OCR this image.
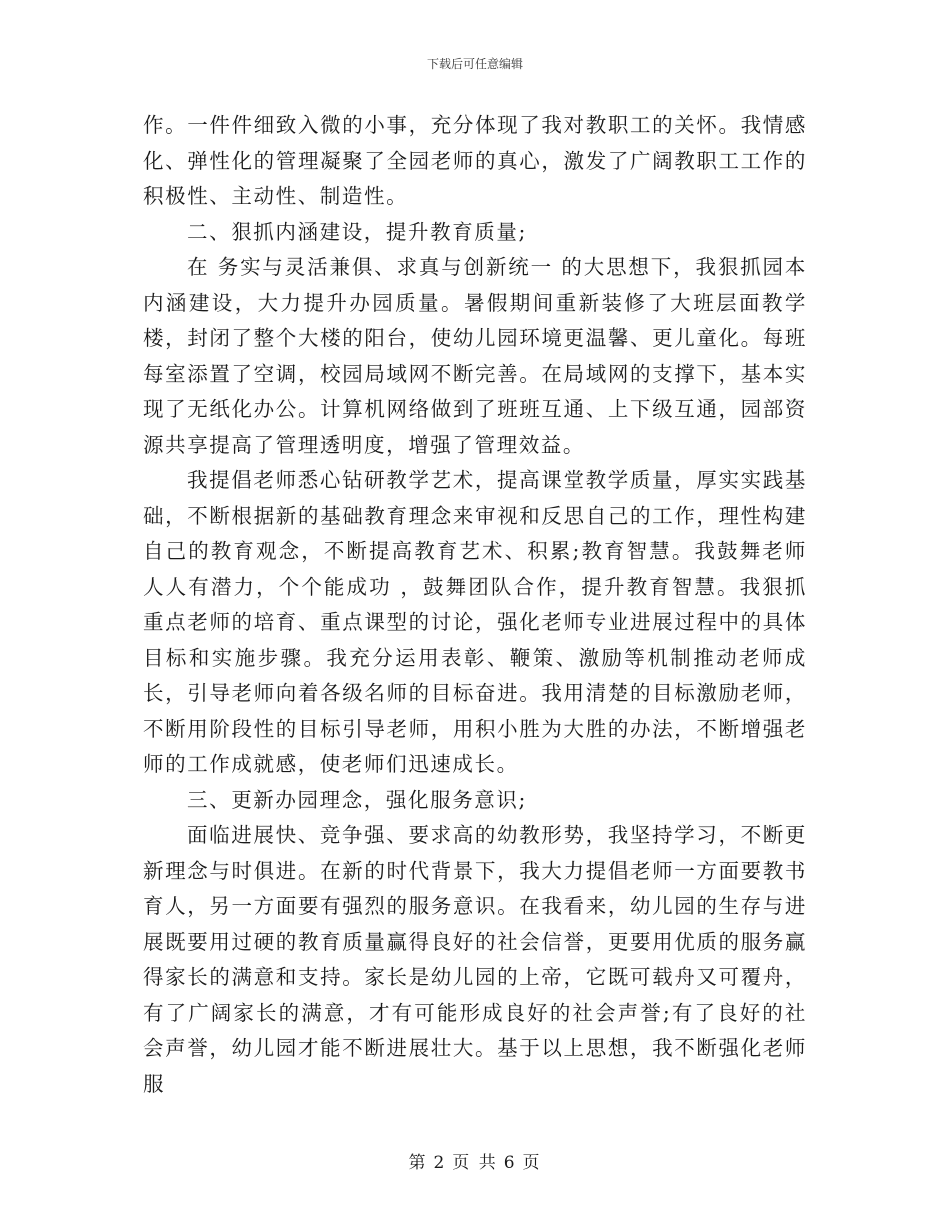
下载后可任意编辑

作。一件件细致入微的小事，充分体现了我对教职工的关怀。我情感化、弹性化的管理凝聚了全园老师的真心，激发了广阔教职工工作的积极性、主动性、制造性。

二、狠抓内涵建设，提升教育质量;

在 务实与灵活兼俱、求真与创新统一 的大思想下，我狠抓园本内涵建设，大力提升办园质量。暑假期间重新装修了大班层面教学楼，封闭了整个大楼的阳台，使幼儿园环境更温馨、更儿童化。每班每室添置了空调，校园局域网不断完善。在局域网的支撑下，基本实现了无纸化办公。计算机网络做到了班班互通、上下级互通，园部资源共享提高了管理透明度，增强了管理效益。

我提倡老师悉心钻研教学艺术，提高课堂教学质量，厚实实践基础，不断根据新的基础教育理念来审视和反思自己的工作，理性构建自己的教育观念，不断提高教育艺术、积累;教育智慧。我鼓舞老师 人人有潜力，个个能成功 ，鼓舞团队合作，提升教育智慧。我狠抓重点老师的培育、重点课型的讨论，强化老师专业进展过程中的具体目标和实施步骤。我充分运用表彰、鞭策、激励等机制推动老师成长，引导老师向着各级名师的目标奋进。我用清楚的目标激励老师，不断用阶段性的目标引导老师，用积小胜为大胜的办法，不断增强老师的工作成就感，使老师们迅速成长。

三、更新办园理念，强化服务意识;

面临进展快、竞争强、要求高的幼教形势，我坚持学习，不断更新理念与时俱进。在新的时代背景下，我大力提倡老师一方面要教书育人，另一方面要有强烈的服务意识。在我看来，幼儿园的生存与进展既要用过硬的教育质量赢得良好的社会信誉，更要用优质的服务赢得家长的满意和支持。家长是幼儿园的上帝，它既可载舟又可覆舟，有了广阔家长的满意，才有可能形成良好的社会声誉;有了良好的社会声誉，幼儿园才能不断进展壮大。基于以上思想，我不断强化老师服

第 2 页 共 6 页
